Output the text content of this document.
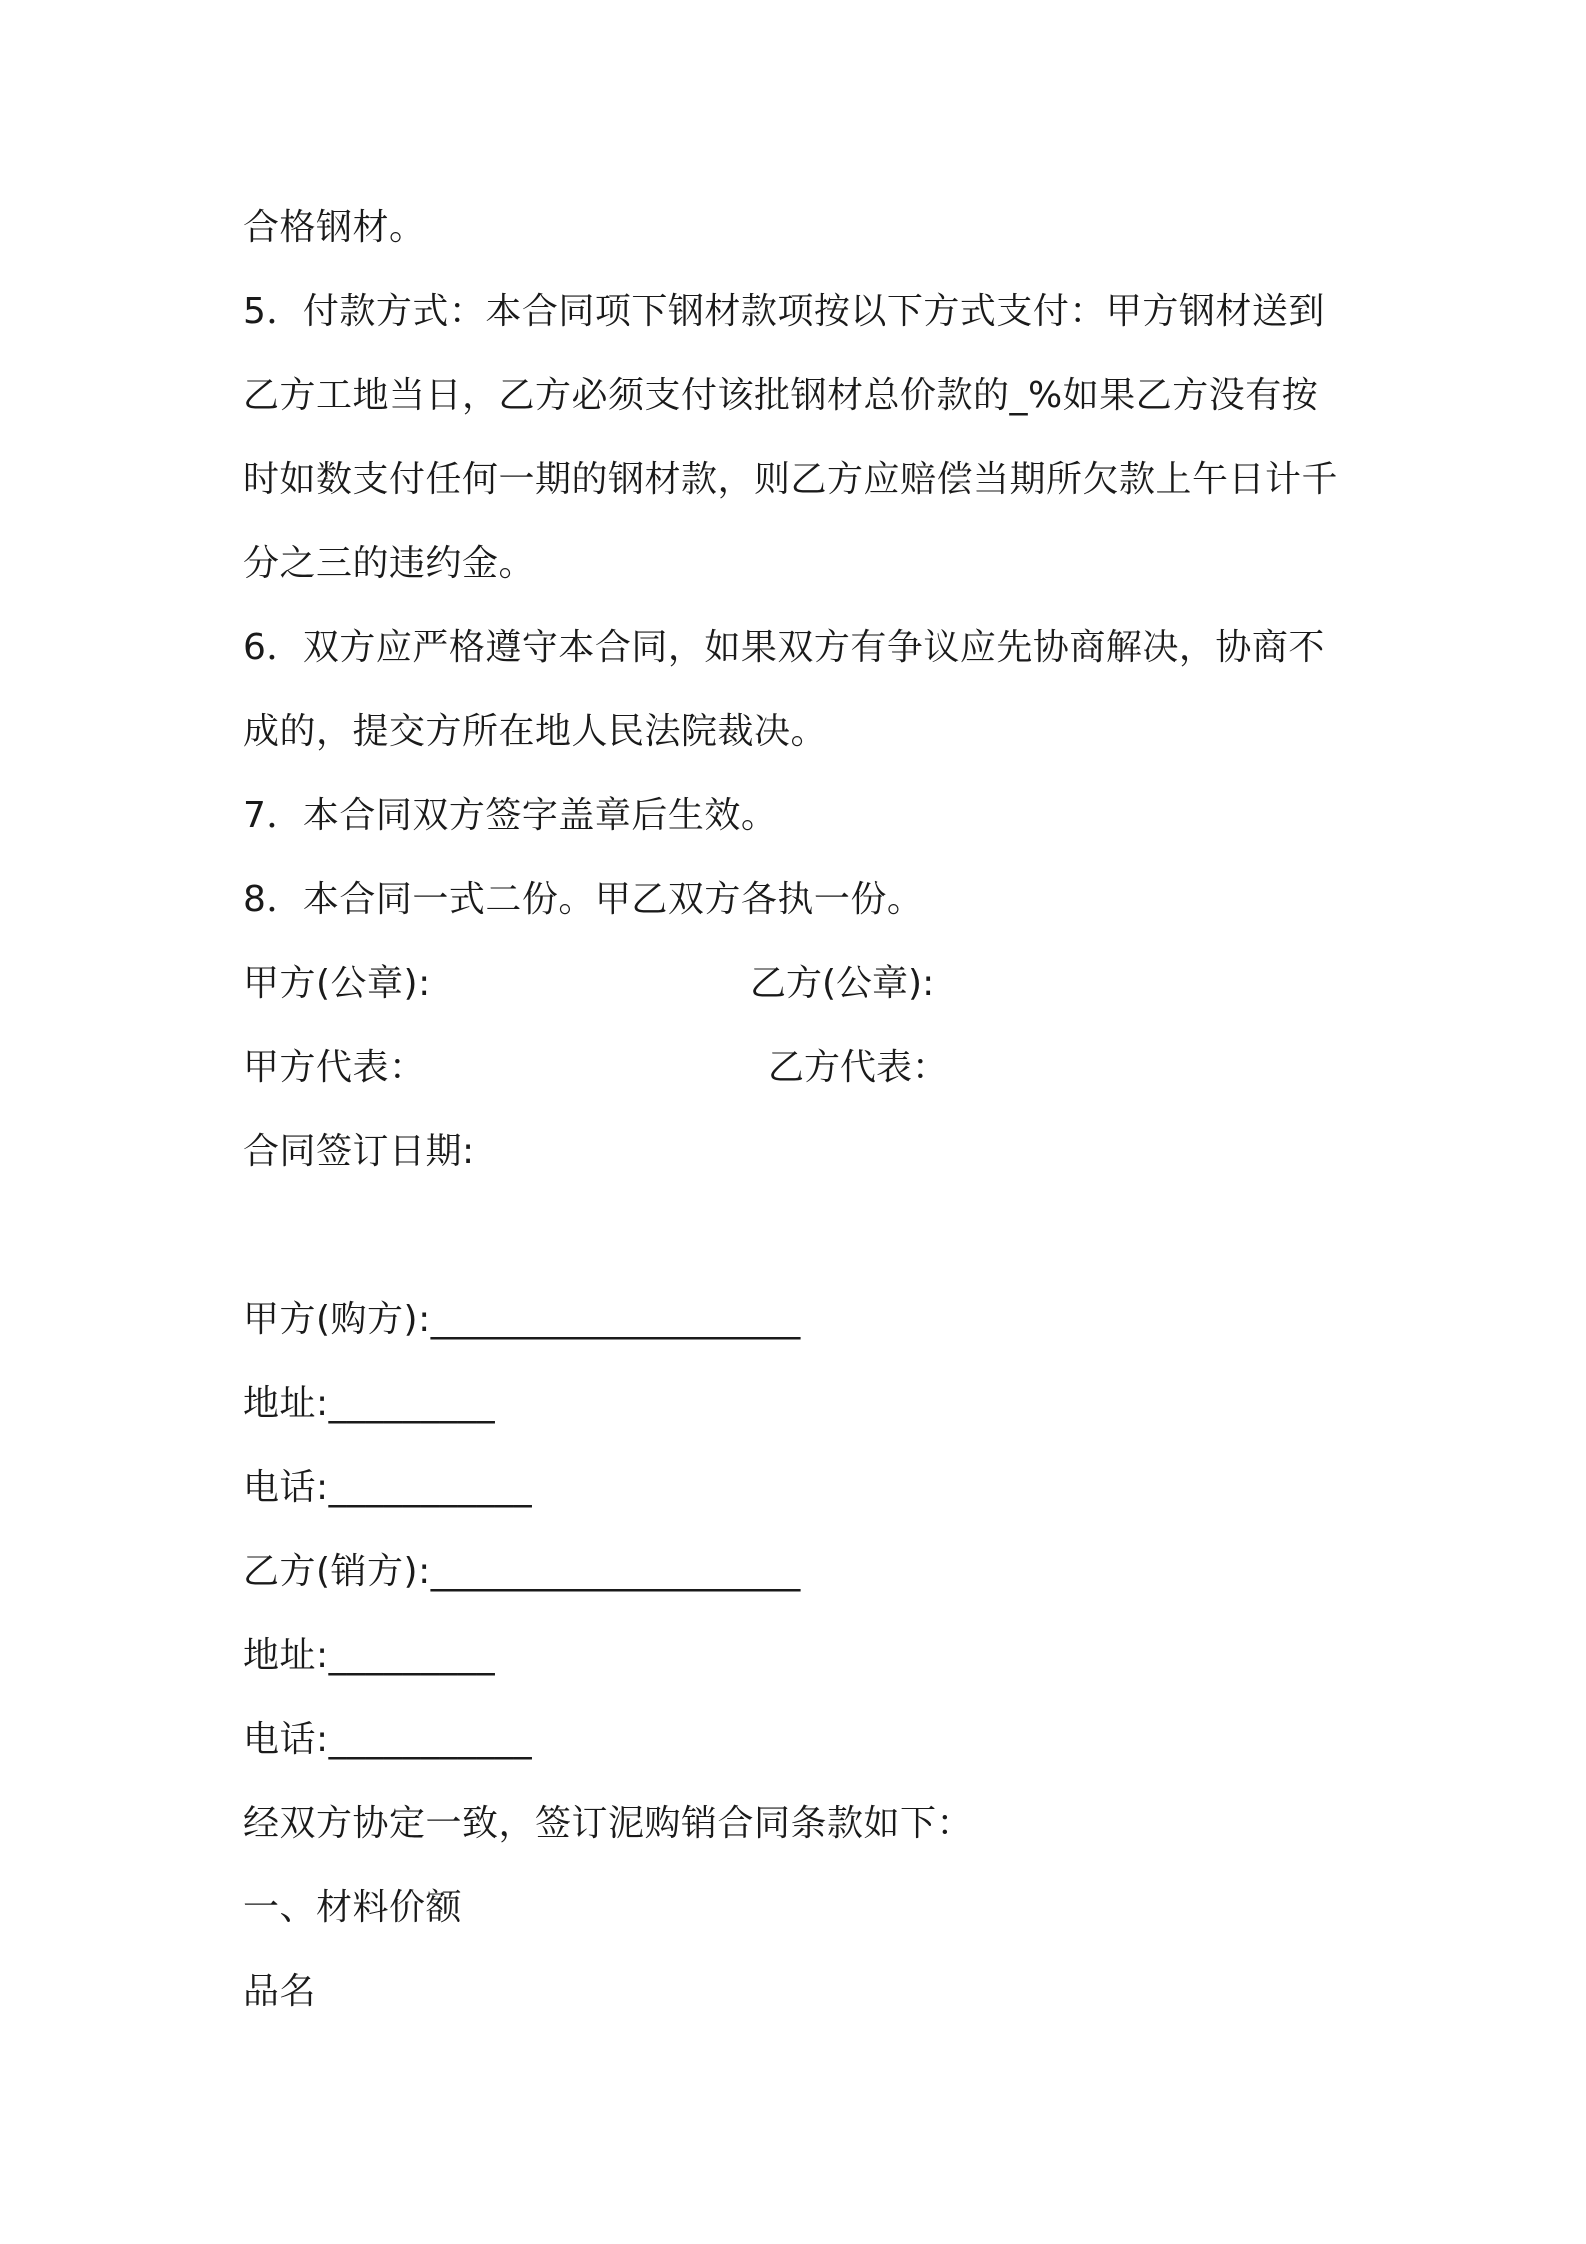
合格钢材。
5．付款方式：本合同项下钢材款项按以下方式支付：甲方钢材送到
乙方工地当日，乙方必须支付该批钢材总价款的_%如果乙方没有按
时如数支付任何一期的钢材款，则乙方应赔偿当期所欠款上午日计千
分之三的违约金。
6．双方应严格遵守本合同，如果双方有争议应先协商解决，协商不
成的，提交方所在地人民法院裁决。
7．本合同双方签字盖章后生效。
8．本合同一式二份。甲乙双方各执一份。
甲方(公章):	乙方(公章):
甲方代表：	乙方代表：
合同签订日期:
甲方(购方):____________________
地址:_________
电话:___________
乙方(销方):____________________
地址:_________
电话:___________
经双方协定一致，签订泥购销合同条款如下：
一、材料价额
品名
